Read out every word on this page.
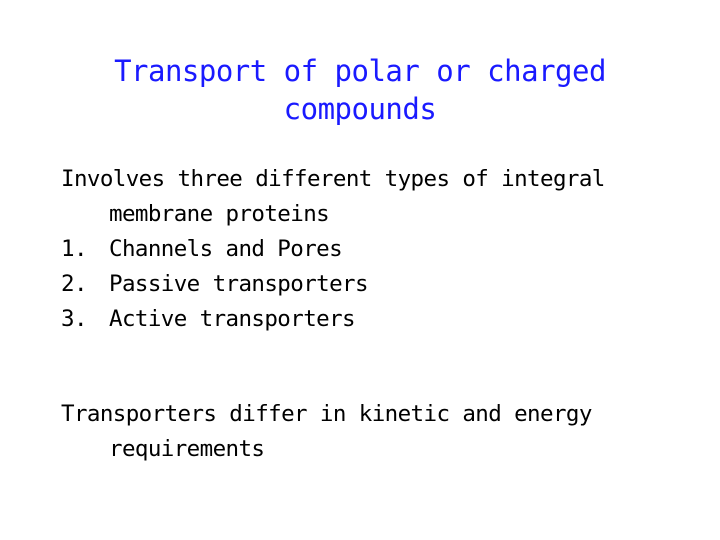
Transport of polar or charged
compounds
Involves three different types of integral
membrane proteins
1. Channels and Pores
2. Passive transporters
3. Active transporters
Transporters differ in kinetic and energy
requirements
